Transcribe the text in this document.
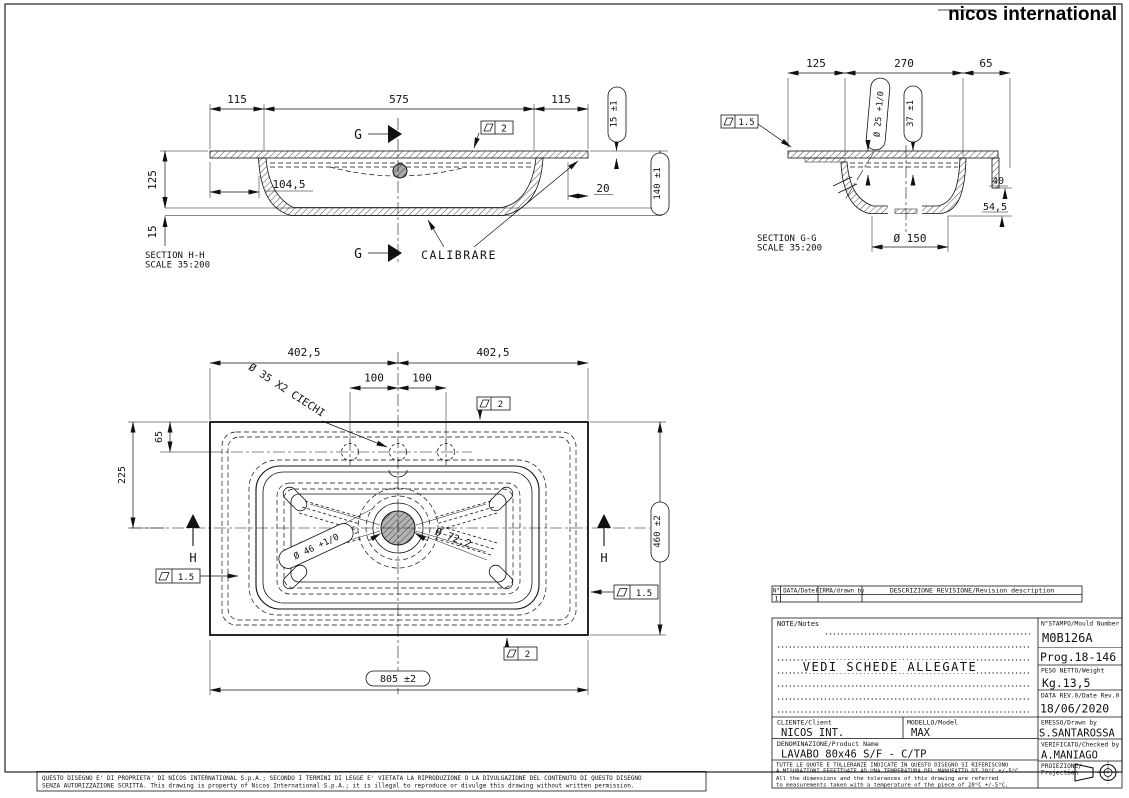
nicos international
G
G
115	575	115
2
104,5
125
15
15 ±1
140 ±1
20
CALIBRARE
SECTION H-H
SCALE 35:200
125	270	65
1.5	Ø 25 +1/0 37 ±1
40
54,5
Ø 150
SECTION G-G
SCALE 35:200
402,5	402,5
100	100
Ø 35 X2 CIECHI	2
65
225
H	H
1.5
1.5
2
Ø 72,2
Ø 46 +1/0	460 ±2
805 ±2
N° DATA/Date FIRMA/drawn by	DESCRIZIONE REVISIONE/Revision description
1
NOTE/Notes
VEDI SCHEDE ALLEGATE
CLIENTE/Client
NICOS INT.
MODELLO/Model
MAX
DENOMINAZIONE/Product Name
LAVABO 80x46 S/F - C/TP
TUTTE LE QUOTE E TOLLERANZE INDICATE IN QUESTO DISEGNO SI RIFERISCONO
A MISURAZIONI EFFETTUATE AD UNA TEMPERATURA DEL MANUFATTO DI 20°C +/-5°C.
All the dimensions and the tolerances of this drawing are referred
to measurements taken with a temperature of the piece of 20°C +/-5°C.
N°STAMPO/Mould Number
M0B126A
Prog.18-146
PESO NETTO/Weight
Kg.13,5
DATA REV.0/Date Rev.0
18/06/2020
EMESSO/Drawn by
S.SANTAROSSA
VERIFICATO/Checked by
A.MANIAGO
PROIEZIONE/
Projection
QUESTO DISEGNO E' DI PROPRIETA' DI NICOS INTERNATIONAL S.p.A.; SECONDO I TERMINI DI LEGGE E' VIETATA LA RIPRODUZIONE O LA DIVULGAZIONE DEL CONTENUTO DI QUESTO DISEGNO
SENZA AUTORIZZAZIONE SCRITTA. This drawing is property of Nicos International S.p.A.; it is illegal to reproduce or divulge this drawing without written permission.
